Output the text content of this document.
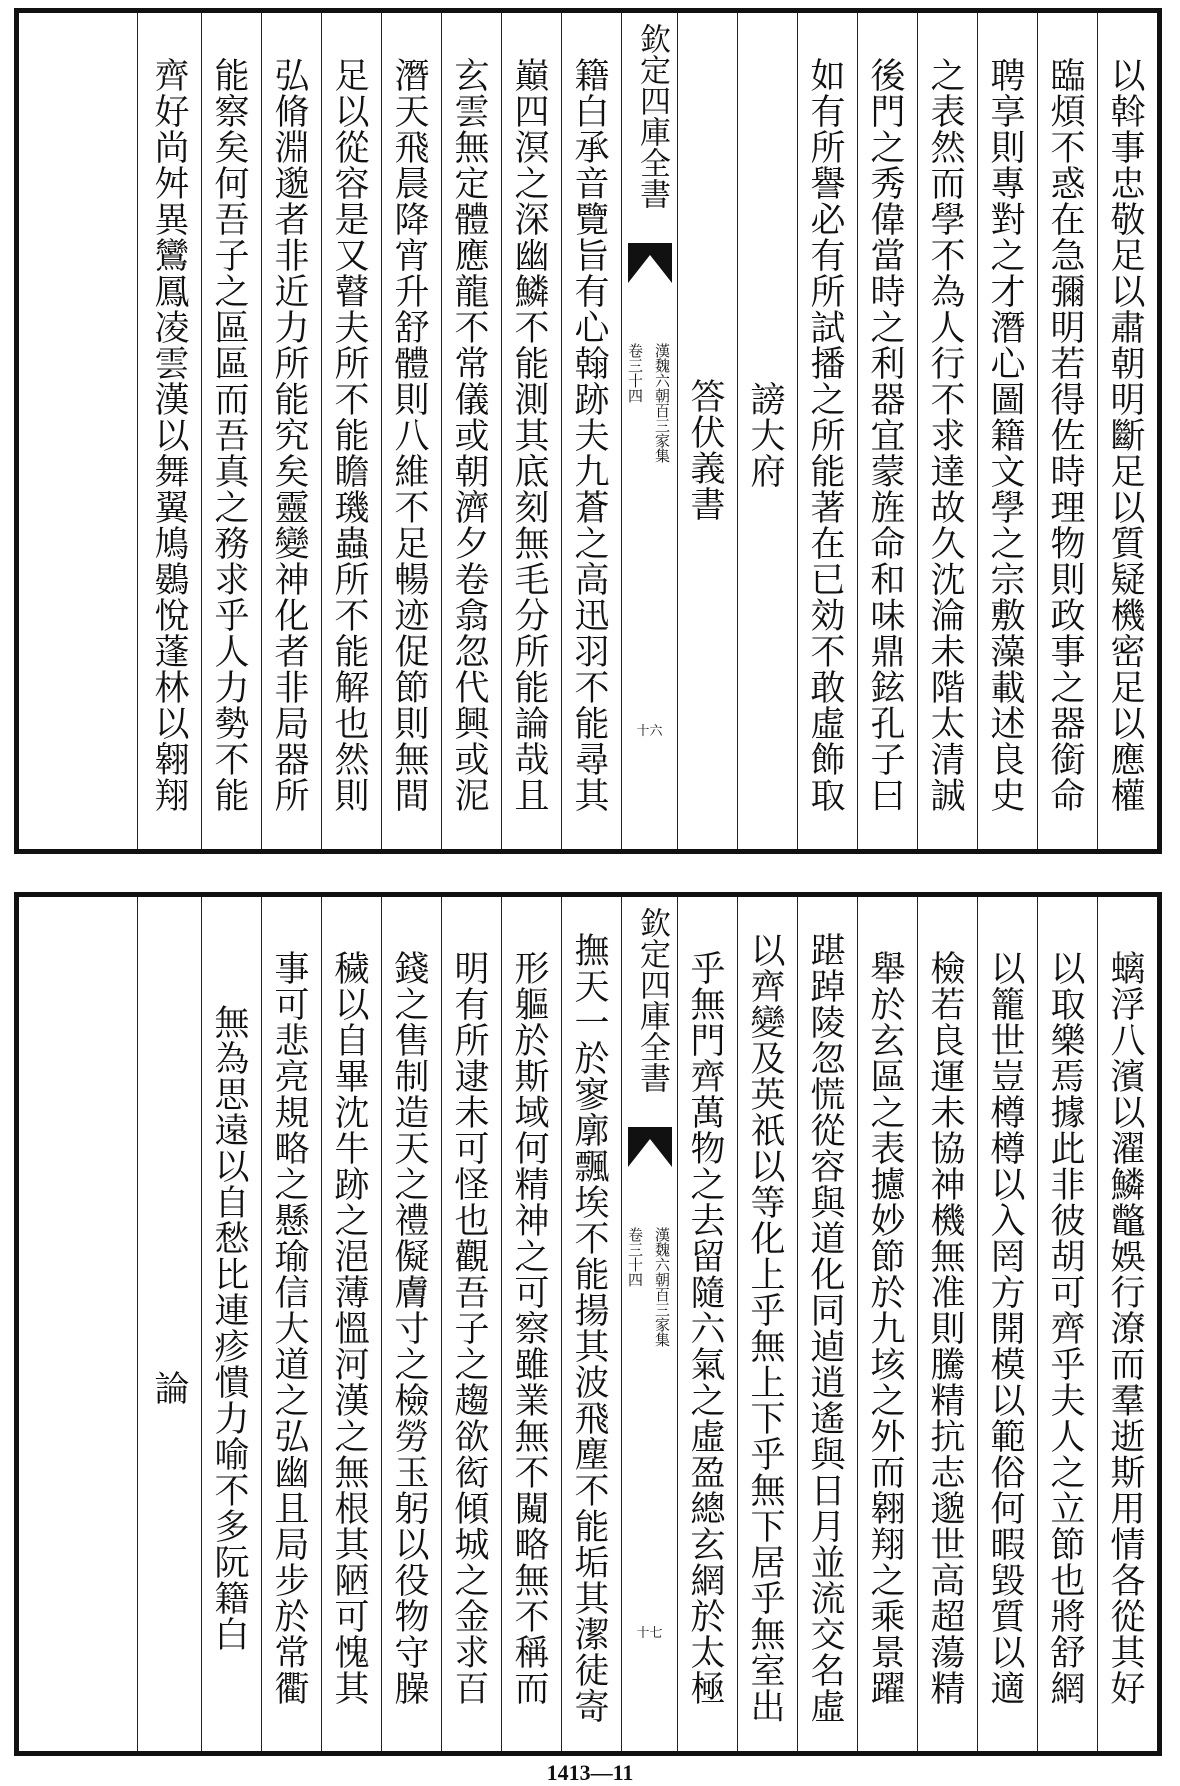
以斡事忠敬足以肅朝明斷足以質疑機密足以應權
臨煩不惑在急彌明若得佐時理物則政事之器銜命
聘享則專對之才潛心圖籍文學之宗敷藻載述良史
之表然而學不為人行不求達故久沈淪未階太清誠
後門之秀偉當時之利器宜蒙旌命和味鼎鉉孔子曰
如有所譽必有所試播之所能著在已効不敢虛飾取
謗大府
答伏義書
欽定四庫全書
漢魏六朝百三家集
卷三十四
十六
籍白承音覽旨有心翰跡夫九蒼之高迅羽不能尋其
巔四溟之深幽鱗不能測其底刻無毛分所能論哉且
玄雲無定體應龍不常儀或朝濟夕卷翕忽代興或泥
潛天飛晨降宵升舒體則八維不足暢迹促節則無間
足以從容是又瞽夫所不能瞻璣蟲所不能解也然則
弘脩淵邈者非近力所能究矣靈變神化者非局器所
能察矣何吾子之區區而吾真之務求乎人力勢不能
齊好尚舛異鸞鳳凌雲漢以舞翼鳩鷃悅蓬林以翱翔
螭浮八濱以濯鱗鼈娛行潦而羣逝斯用情各從其好
以取樂焉據此非彼胡可齊乎夫人之立節也將舒網
以籠世豈樽樽以入罔方開模以範俗何暇毀質以適
檢若良運未協神機無准則騰精抗志邈世高超蕩精
舉於玄區之表攄妙節於九垓之外而翱翔之乘景躍
踸踔陵忽慌從容與道化同逌逍遙與日月並流交名虛
以齊變及英祇以等化上乎無上下乎無下居乎無室出
乎無門齊萬物之去留隨六氣之虛盈總玄網於太極
欽定四庫全書
漢魏六朝百三家集
卷三十四
十七
撫天一於寥廓飄埃不能揚其波飛塵不能垢其潔徒寄
形軀於斯域何精神之可察雖業無不闚略無不稱而
明有所逮未可怪也觀吾子之趨欲衒傾城之金求百
錢之售制造天之禮儗膚寸之檢勞玉躬以役物守臊
穢以自畢沈牛跡之浥薄慍河漢之無根其陋可愧其
事可悲亮規略之懸瑜信大道之弘幽且局步於常衢
無為思遠以自愁比連疹憒力喻不多阮籍白
論
1413—11
